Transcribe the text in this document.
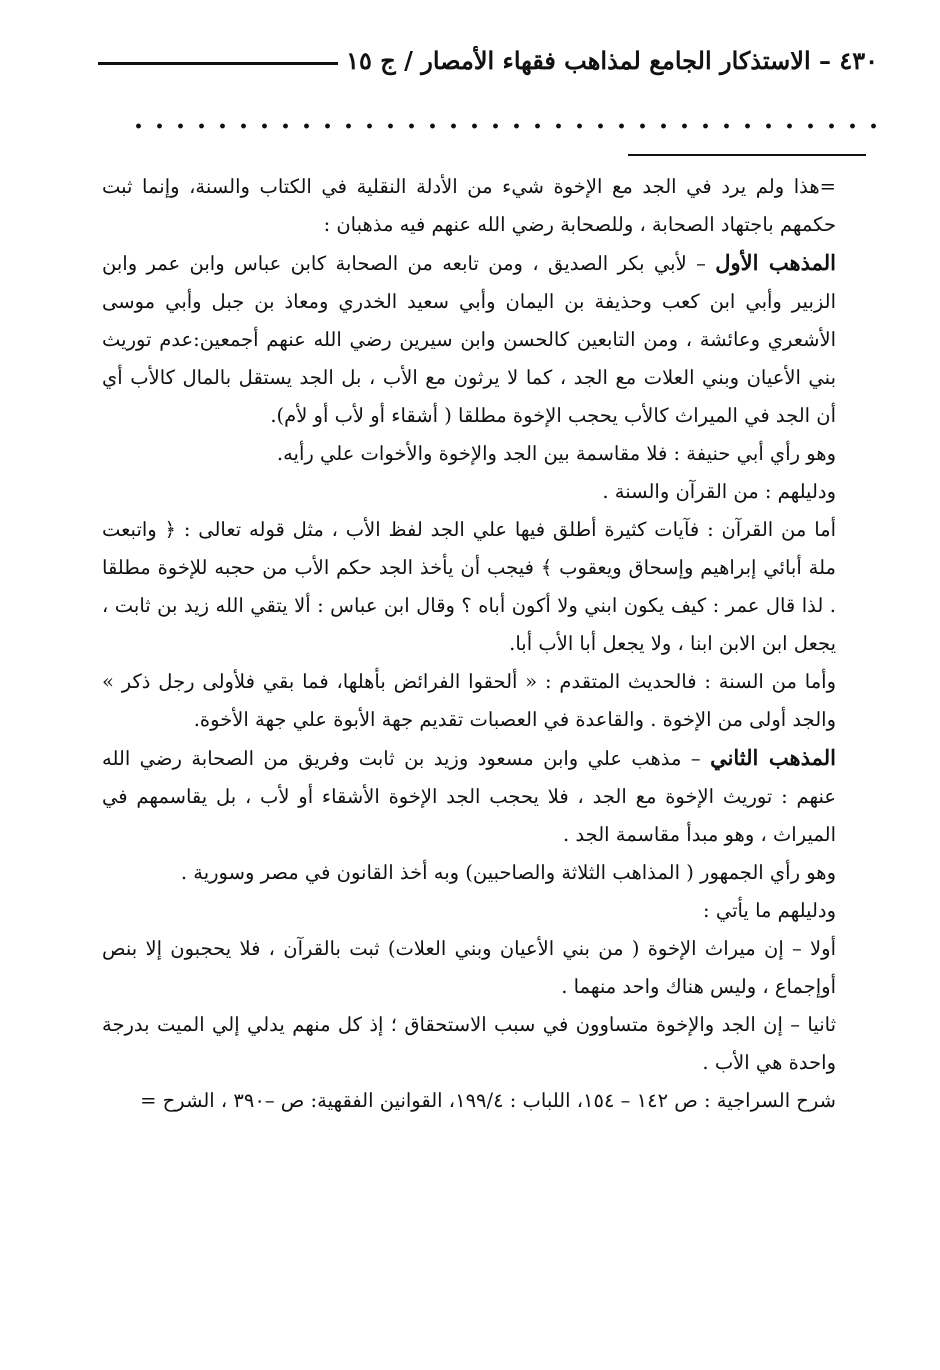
٤٣٠ – الاستذكار الجامع لمذاهب فقهاء الأمصار / ج ١٥

=هذا ولم يرد في الجد مع الإخوة شيء من الأدلة النقلية في الكتاب والسنة، وإنما ثبت حكمهم باجتهاد الصحابة ، وللصحابة رضي الله عنهم فيه مذهبان :

المذهب الأول – لأبي بكر الصديق ، ومن تابعه من الصحابة كابن عباس وابن عمر وابن الزبير وأبي ابن كعب وحذيفة بن اليمان وأبي سعيد الخدري ومعاذ بن جبل وأبي موسى الأشعري وعائشة ، ومن التابعين كالحسن وابن سيرين رضي الله عنهم أجمعين:عدم توريث بني الأعيان وبني العلات مع الجد ، كما لا يرثون مع الأب ، بل الجد يستقل بالمال كالأب أي أن الجد في الميراث كالأب يحجب الإخوة مطلقا ( أشقاء أو لأب أو لأم).

وهو رأي أبي حنيفة : فلا مقاسمة بين الجد والإخوة والأخوات علي رأيه.

ودليلهم : من القرآن والسنة .

أما من القرآن : فآيات كثيرة أطلق فيها علي الجد لفظ الأب ، مثل قوله تعالى : ﴿ واتبعت ملة أبائي إبراهيم وإسحاق ويعقوب ﴾ فيجب أن يأخذ الجد حكم الأب من حجبه للإخوة مطلقا . لذا قال عمر : كيف يكون ابني ولا أكون أباه ؟ وقال ابن عباس : ألا يتقي الله زيد بن ثابت ، يجعل ابن الابن ابنا ، ولا يجعل أبا الأب أبا.

وأما من السنة : فالحديث المتقدم : « ألحقوا الفرائض بأهلها، فما بقي فلأولى رجل ذكر » والجد أولى من الإخوة . والقاعدة في العصبات تقديم جهة الأبوة علي جهة الأخوة.

المذهب الثاني – مذهب علي وابن مسعود وزيد بن ثابت وفريق من الصحابة رضي الله عنهم : توريث الإخوة مع الجد ، فلا يحجب الجد الإخوة الأشقاء أو لأب ، بل يقاسمهم في الميراث ، وهو مبدأ مقاسمة الجد .

وهو رأي الجمهور ( المذاهب الثلاثة والصاحبين) وبه أخذ القانون في مصر وسورية .

ودليلهم ما يأتي :

أولا – إن ميراث الإخوة ( من بني الأعيان وبني العلات) ثبت بالقرآن ، فلا يحجبون إلا بنص أوإجماع ، وليس هناك واحد منهما .

ثانيا – إن الجد والإخوة متساوون في سبب الاستحقاق ؛ إذ كل منهم يدلي إلي الميت بدرجة واحدة هي الأب .

شرح السراجية : ص ١٤٢ – ١٥٤، اللباب : ١٩٩/٤، القوانين الفقهية: ص –٣٩٠ ، الشرح =
